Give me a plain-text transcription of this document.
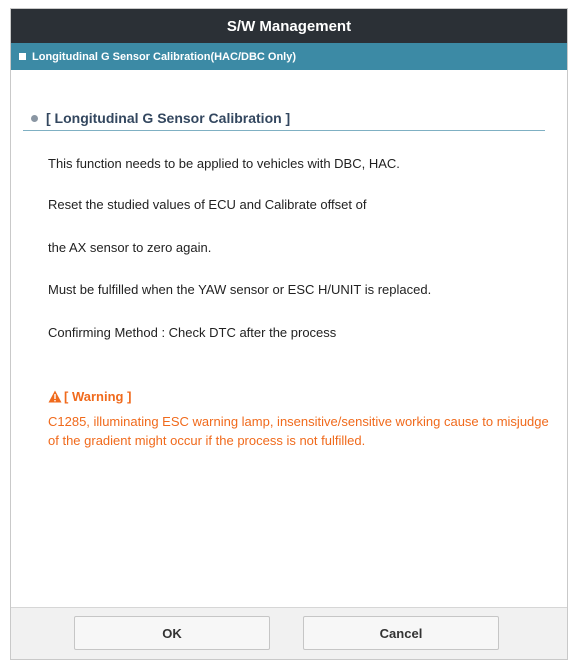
S/W Management
Longitudinal G Sensor Calibration(HAC/DBC Only)
[ Longitudinal G Sensor Calibration ]
This function needs to be applied to vehicles with DBC, HAC.
Reset the studied values of ECU and Calibrate offset of
the AX sensor to zero again.
Must be fulfilled when the YAW sensor or ESC H/UNIT is replaced.
Confirming Method : Check DTC after the process
[ Warning ]
C1285, illuminating ESC warning lamp, insensitive/sensitive working cause to misjudge of the gradient might occur if the process is not fulfilled.
OK	Cancel
